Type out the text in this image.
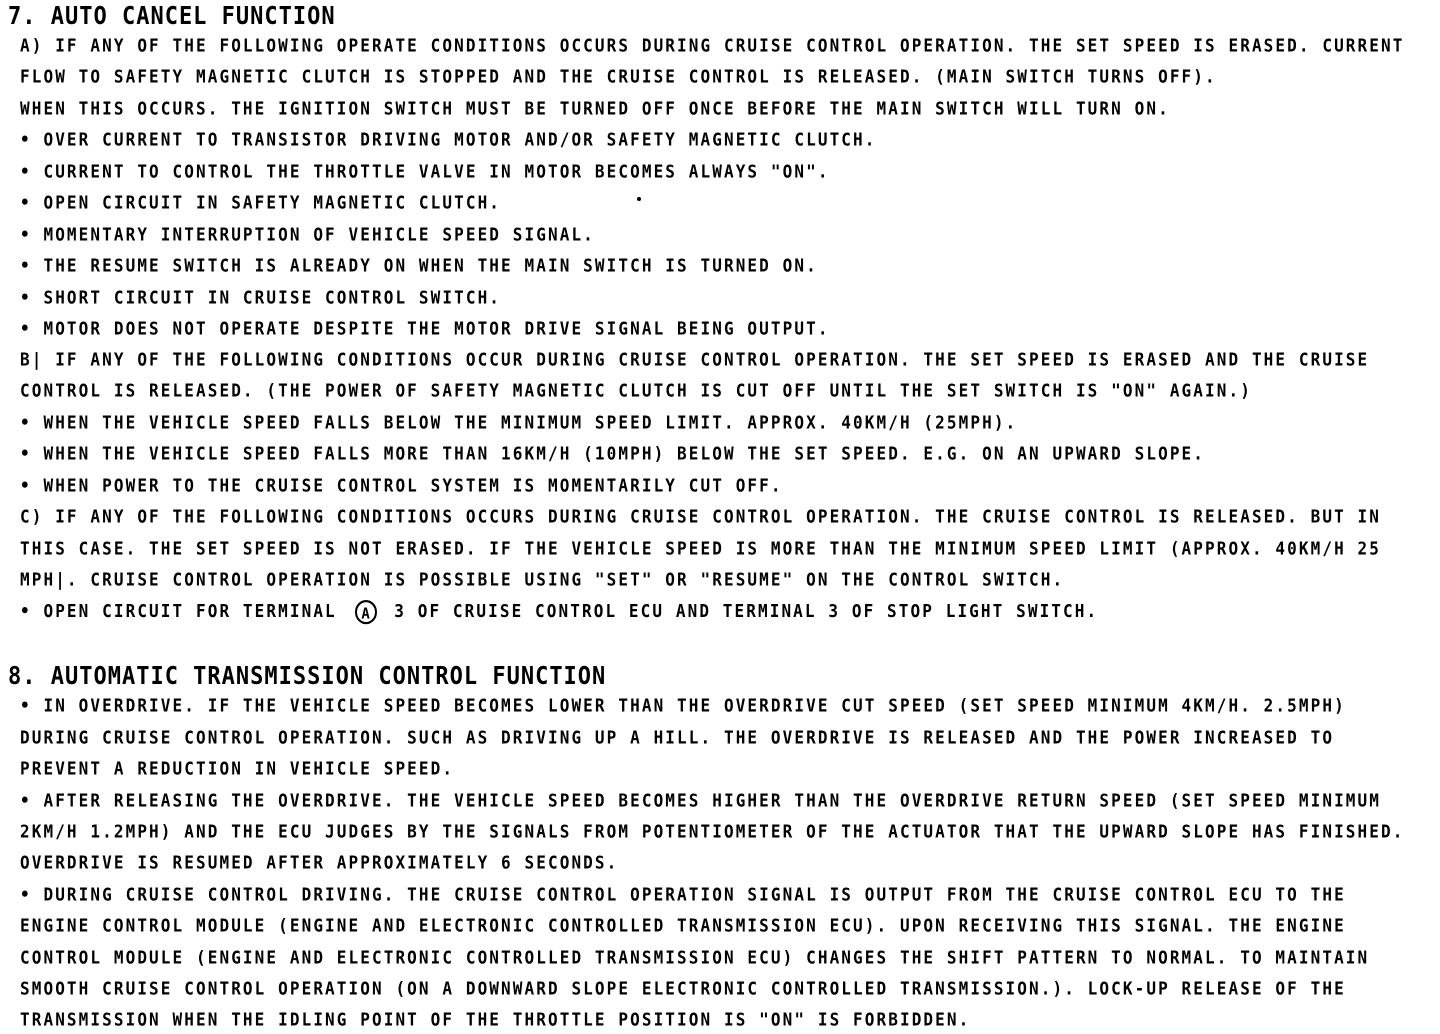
7. AUTO CANCEL FUNCTION
A) IF ANY OF THE FOLLOWING OPERATE CONDITIONS OCCURS DURING CRUISE CONTROL OPERATION. THE SET SPEED IS ERASED. CURRENT
FLOW TO SAFETY MAGNETIC CLUTCH IS STOPPED AND THE CRUISE CONTROL IS RELEASED. (MAIN SWITCH TURNS OFF).
WHEN THIS OCCURS. THE IGNITION SWITCH MUST BE TURNED OFF ONCE BEFORE THE MAIN SWITCH WILL TURN ON.
• OVER CURRENT TO TRANSISTOR DRIVING MOTOR AND/OR SAFETY MAGNETIC CLUTCH.
• CURRENT TO CONTROL THE THROTTLE VALVE IN MOTOR BECOMES ALWAYS "ON".
• OPEN CIRCUIT IN SAFETY MAGNETIC CLUTCH.
• MOMENTARY INTERRUPTION OF VEHICLE SPEED SIGNAL.
• THE RESUME SWITCH IS ALREADY ON WHEN THE MAIN SWITCH IS TURNED ON.
• SHORT CIRCUIT IN CRUISE CONTROL SWITCH.
• MOTOR DOES NOT OPERATE DESPITE THE MOTOR DRIVE SIGNAL BEING OUTPUT.
B| IF ANY OF THE FOLLOWING CONDITIONS OCCUR DURING CRUISE CONTROL OPERATION. THE SET SPEED IS ERASED AND THE CRUISE
CONTROL IS RELEASED. (THE POWER OF SAFETY MAGNETIC CLUTCH IS CUT OFF UNTIL THE SET SWITCH IS "ON" AGAIN.)
• WHEN THE VEHICLE SPEED FALLS BELOW THE MINIMUM SPEED LIMIT. APPROX. 40KM/H (25MPH).
• WHEN THE VEHICLE SPEED FALLS MORE THAN 16KM/H (10MPH) BELOW THE SET SPEED. E.G. ON AN UPWARD SLOPE.
• WHEN POWER TO THE CRUISE CONTROL SYSTEM IS MOMENTARILY CUT OFF.
C) IF ANY OF THE FOLLOWING CONDITIONS OCCURS DURING CRUISE CONTROL OPERATION. THE CRUISE CONTROL IS RELEASED. BUT IN
THIS CASE. THE SET SPEED IS NOT ERASED. IF THE VEHICLE SPEED IS MORE THAN THE MINIMUM SPEED LIMIT (APPROX. 40KM/H 25
MPH|. CRUISE CONTROL OPERATION IS POSSIBLE USING "SET" OR "RESUME" ON THE CONTROL SWITCH.
• OPEN CIRCUIT FOR TERMINAL A 3 OF CRUISE CONTROL ECU AND TERMINAL 3 OF STOP LIGHT SWITCH.
8. AUTOMATIC TRANSMISSION CONTROL FUNCTION
• IN OVERDRIVE. IF THE VEHICLE SPEED BECOMES LOWER THAN THE OVERDRIVE CUT SPEED (SET SPEED MINIMUM 4KM/H. 2.5MPH)
DURING CRUISE CONTROL OPERATION. SUCH AS DRIVING UP A HILL. THE OVERDRIVE IS RELEASED AND THE POWER INCREASED TO
PREVENT A REDUCTION IN VEHICLE SPEED.
• AFTER RELEASING THE OVERDRIVE. THE VEHICLE SPEED BECOMES HIGHER THAN THE OVERDRIVE RETURN SPEED (SET SPEED MINIMUM
2KM/H 1.2MPH) AND THE ECU JUDGES BY THE SIGNALS FROM POTENTIOMETER OF THE ACTUATOR THAT THE UPWARD SLOPE HAS FINISHED.
OVERDRIVE IS RESUMED AFTER APPROXIMATELY 6 SECONDS.
• DURING CRUISE CONTROL DRIVING. THE CRUISE CONTROL OPERATION SIGNAL IS OUTPUT FROM THE CRUISE CONTROL ECU TO THE
ENGINE CONTROL MODULE (ENGINE AND ELECTRONIC CONTROLLED TRANSMISSION ECU). UPON RECEIVING THIS SIGNAL. THE ENGINE
CONTROL MODULE (ENGINE AND ELECTRONIC CONTROLLED TRANSMISSION ECU) CHANGES THE SHIFT PATTERN TO NORMAL. TO MAINTAIN
SMOOTH CRUISE CONTROL OPERATION (ON A DOWNWARD SLOPE ELECTRONIC CONTROLLED TRANSMISSION.). LOCK-UP RELEASE OF THE
TRANSMISSION WHEN THE IDLING POINT OF THE THROTTLE POSITION IS "ON" IS FORBIDDEN.
